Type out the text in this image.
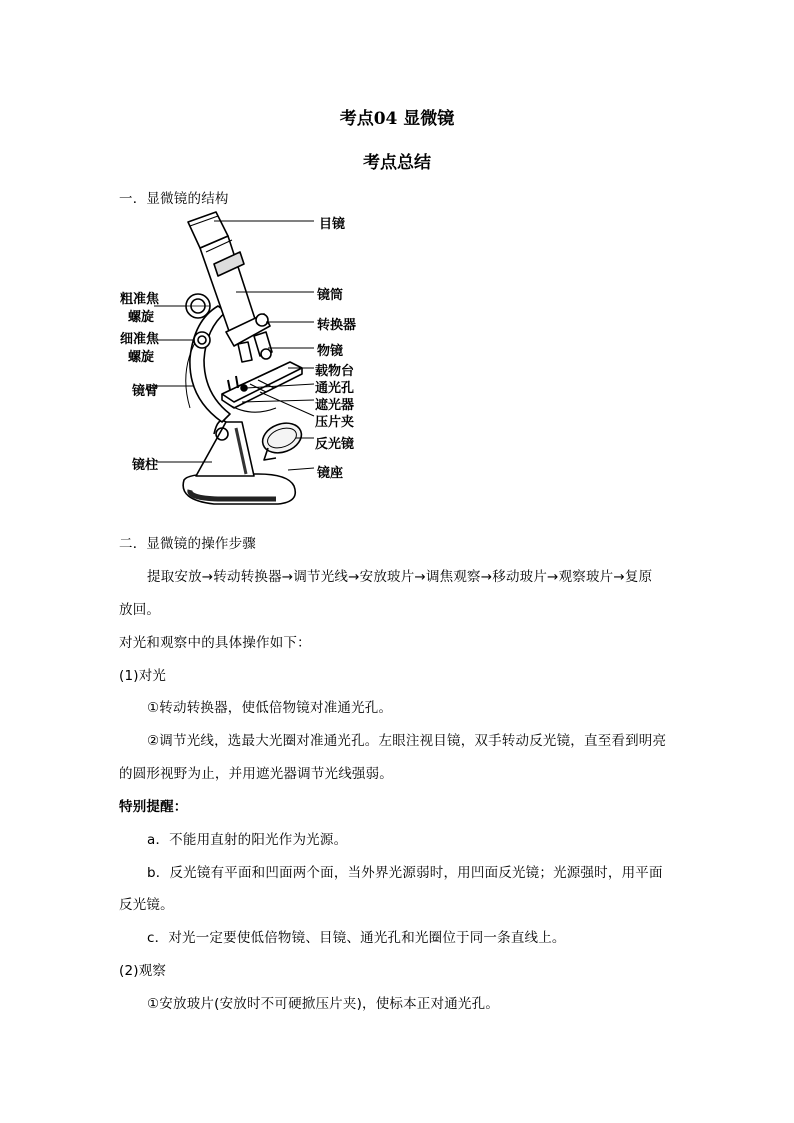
考点04 显微镜
考点总结
一．显微镜的结构
目镜
镜筒
转换器
物镜
载物台
通光孔
遮光器
压片夹
反光镜
镜座
粗准焦
螺旋
细准焦
螺旋
镜臂
镜柱
二．显微镜的操作步骤
提取安放→转动转换器→调节光线→安放玻片→调焦观察→移动玻片→观察玻片→复原
放回。
对光和观察中的具体操作如下：
(1)对光
①转动转换器，使低倍物镜对准通光孔。
②调节光线，选最大光圈对准通光孔。左眼注视目镜，双手转动反光镜，直至看到明亮
的圆形视野为止，并用遮光器调节光线强弱。
特别提醒：
a．不能用直射的阳光作为光源。
b．反光镜有平面和凹面两个面，当外界光源弱时，用凹面反光镜；光源强时，用平面
反光镜。
c．对光一定要使低倍物镜、目镜、通光孔和光圈位于同一条直线上。
(2)观察
①安放玻片(安放时不可硬掀压片夹)，使标本正对通光孔。
